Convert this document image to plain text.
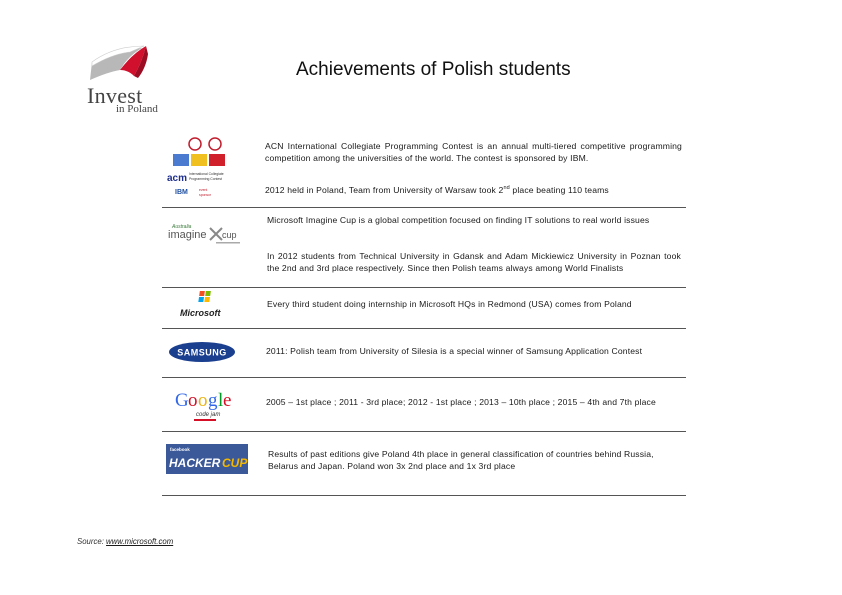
Invest
in Poland
Achievements of Polish students
acm International Collegiate
Programming Contest
IBM	event
sponsor
ACN International Collegiate Programming Contest is an annual multi-tiered competitive programming competition among the universities of the world. The contest is sponsored by IBM.
2012 held in Poland, Team from University of Warsaw took 2nd place beating 110 teams
Australia
imagine cup
Microsoft Imagine Cup is a global competition focused on finding IT solutions to real world issues
In 2012 students from Technical University in Gdansk and Adam Mickiewicz University in Poznan took the 2nd and 3rd place respectively. Since then Polish teams always among World Finalists
Microsoft
Every third student doing internship in Microsoft HQs in Redmond (USA) comes from Poland
SAMSUNG	2011: Polish team from University of Silesia is a special winner of Samsung Application Contest
G o o g l e
code jam
2005 – 1st place ; 2011 - 3rd place; 2012 - 1st place ; 2013 – 10th place ; 2015 – 4th and 7th place
facebook
HACKER CUP
Results of past editions give Poland 4th place in general classification of countries behind Russia, Belarus and Japan. Poland won 3x 2nd place and 1x 3rd place
Source: www.microsoft.com
